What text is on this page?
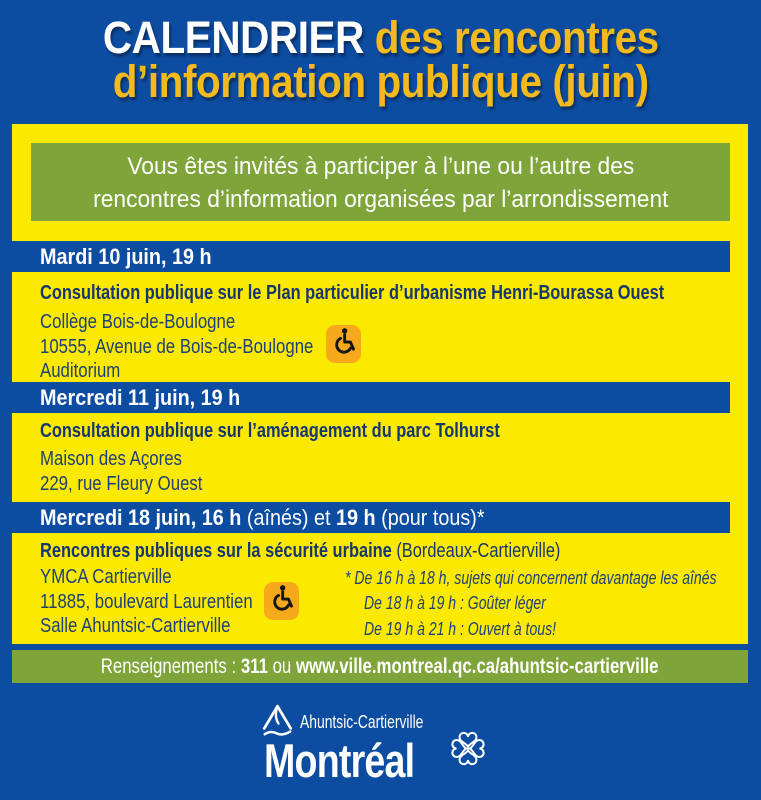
CALENDRIER des rencontres
d’information publique (juin)
Vous êtes invités à participer à l’une ou l’autre des
rencontres d’information organisées par l’arrondissement
Mardi 10 juin, 19 h
Consultation publique sur le Plan particulier d’urbanisme Henri-Bourassa Ouest
Collège Bois-de-Boulogne
10555, Avenue de Bois-de-Boulogne
Auditorium
Mercredi 11 juin, 19 h
Consultation publique sur l’aménagement du parc Tolhurst
Maison des Açores
229, rue Fleury Ouest
Mercredi 18 juin, 16 h (aînés) et 19 h (pour tous)*
Rencontres publiques sur la sécurité urbaine (Bordeaux-Cartierville)
YMCA Cartierville
11885, boulevard Laurentien
Salle Ahuntsic-Cartierville
* De 16 h à 18 h, sujets qui concernent davantage les aînés
De 18 h à 19 h : Goûter léger
De 19 h à 21 h : Ouvert à tous!
Renseignements : 311 ou www.ville.montreal.qc.ca/ahuntsic-cartierville
Ahuntsic-Cartierville
Montréal
